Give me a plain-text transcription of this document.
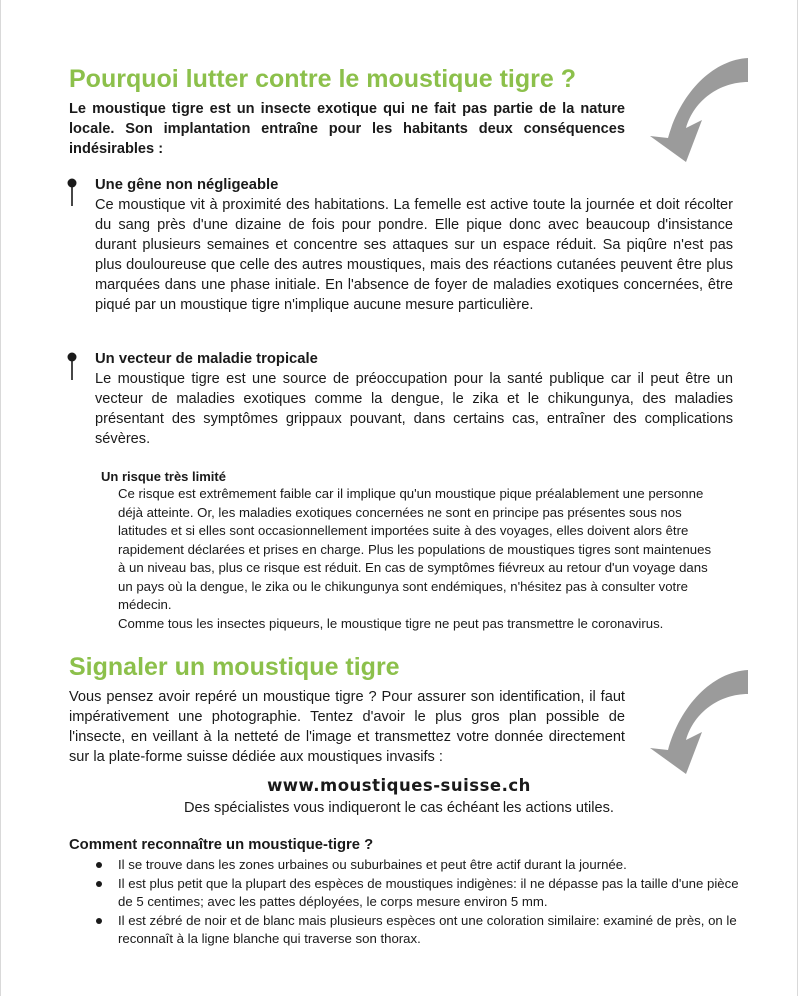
Pourquoi lutter contre le moustique tigre ?

Le moustique tigre est un insecte exotique qui ne fait pas partie de la nature locale. Son implantation entraîne pour les habitants deux conséquences indésirables :

Une gêne non négligeable

Ce moustique vit à proximité des habitations. La femelle est active toute la journée et doit récolter du sang près d'une dizaine de fois pour pondre. Elle pique donc avec beaucoup d'insistance durant plusieurs semaines et concentre ses attaques sur un espace réduit. Sa piqûre n'est pas plus douloureuse que celle des autres moustiques, mais des réactions cutanées peuvent être plus marquées dans une phase initiale. En l'absence de foyer de maladies exotiques concernées, être piqué par un moustique tigre n'implique aucune mesure particulière.

Un vecteur de maladie tropicale

Le moustique tigre est une source de préoccupation pour la santé publique car il peut être un vecteur de maladies exotiques comme la dengue, le zika et le chikungunya, des maladies présentant des symptômes grippaux pouvant, dans certains cas, entraîner des complications sévères.

Un risque très limité
Ce risque est extrêmement faible car il implique qu'un moustique pique préalablement une personne déjà atteinte. Or, les maladies exotiques concernées ne sont en principe pas présentes sous nos latitudes et si elles sont occasionnellement importées suite à des voyages, elles doivent alors être rapidement déclarées et prises en charge. Plus les populations de moustiques tigres sont maintenues à un niveau bas, plus ce risque est réduit. En cas de symptômes fiévreux au retour d'un voyage dans un pays où la dengue, le zika ou le chikungunya sont endémiques, n'hésitez pas à consulter votre médecin.
Comme tous les insectes piqueurs, le moustique tigre ne peut pas transmettre le coronavirus.
Signaler un moustique tigre

Vous pensez avoir repéré un moustique tigre ? Pour assurer son identification, il faut impérativement une photographie. Tentez d'avoir le plus gros plan possible de l'insecte, en veillant à la netteté de l'image et transmettez votre donnée directement sur la plate-forme suisse dédiée aux moustiques invasifs :

www.moustiques-suisse.ch

Des spécialistes vous indiqueront le cas échéant les actions utiles.

Comment reconnaître un moustique-tigre ?
Il se trouve dans les zones urbaines ou suburbaines et peut être actif durant la journée.
Il est plus petit que la plupart des espèces de moustiques indigènes: il ne dépasse pas la taille d'une pièce de 5 centimes; avec les pattes déployées, le corps mesure environ 5 mm.
Il est zébré de noir et de blanc mais plusieurs espèces ont une coloration similaire: examiné de près, on le reconnaît à la ligne blanche qui traverse son thorax.
